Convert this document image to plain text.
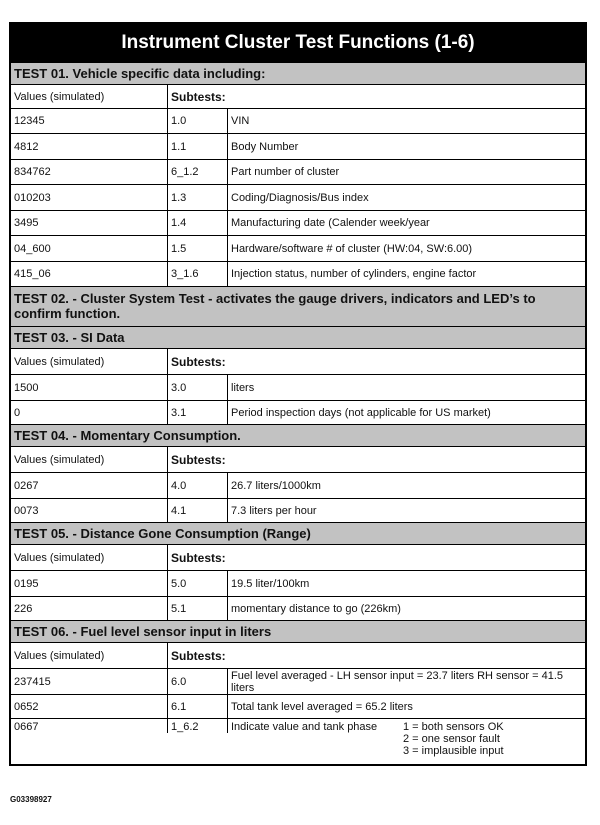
Instrument Cluster Test Functions (1-6)
TEST 01. Vehicle specific data including:
Values (simulated)	Subtests:
12345	1.0	VIN
4812	1.1	Body Number
834762	6_1.2	Part number of cluster
010203	1.3	Coding/Diagnosis/Bus index
3495	1.4	Manufacturing date (Calender week/year
04_600	1.5	Hardware/software # of cluster (HW:04, SW:6.00)
415_06	3_1.6	Injection status, number of cylinders, engine factor
TEST 02. - Cluster System Test - activates the gauge drivers, indicators and LED’s to confirm function.
TEST 03. - SI Data
Values (simulated)	Subtests:
1500	3.0	liters
0	3.1	Period inspection days (not applicable for US market)
TEST 04. - Momentary Consumption.
Values (simulated)	Subtests:
0267	4.0	26.7 liters/1000km
0073	4.1	7.3 liters per hour
TEST 05. - Distance Gone Consumption (Range)
Values (simulated)	Subtests:
0195	5.0	19.5 liter/100km
226	5.1	momentary distance to go (226km)
TEST 06. - Fuel level sensor input in liters
Values (simulated)	Subtests:
237415	6.0	Fuel level averaged - LH sensor input = 23.7 liters RH sensor = 41.5 liters
0652	6.1	Total tank level averaged = 65.2 liters
0667	1_6.2	Indicate value and tank phase	1 = both sensors OK
2 = one sensor fault
3 = implausible input
G03398927
